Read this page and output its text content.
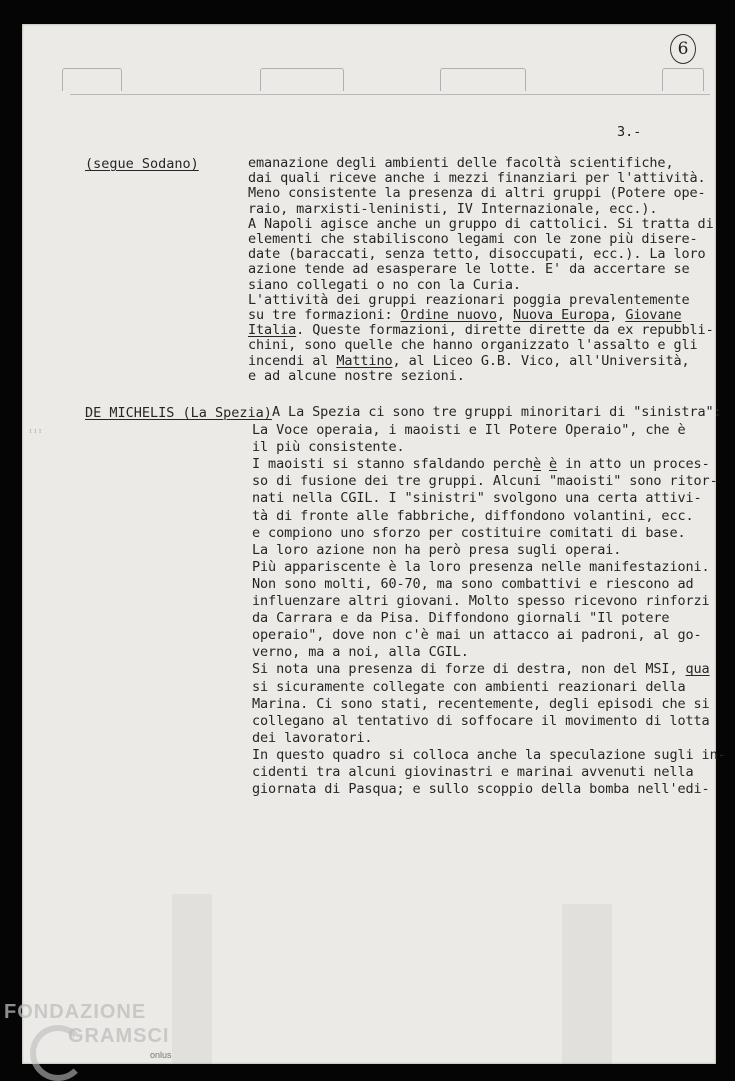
6
3.-
(segue Sodano)	emanazione degli ambienti delle facoltà scientifiche,
dai quali riceve anche i mezzi finanziari per l'attività.
Meno consistente la presenza di altri gruppi (Potere ope-
raio, marxisti-leninisti, IV Internazionale, ecc.).
A Napoli agisce anche un gruppo di cattolici. Si tratta di
elementi che stabiliscono legami con le zone più disere-
date (baraccati, senza tetto, disoccupati, ecc.). La loro
azione tende ad esasperare le lotte. E' da accertare se
siano collegati o no con la Curia.
L'attività dei gruppi reazionari poggia prevalentemente
su tre formazioni: Ordine nuovo, Nuova Europa, Giovane
Italia. Queste formazioni, dirette dirette da ex repubbli-
chini, sono quelle che hanno organizzato l'assalto e gli
incendi al Mattino, al Liceo G.B. Vico, all'Università,
e ad alcune nostre sezioni.
DE MICHELIS (La Spezia) A La Spezia ci sono tre gruppi minoritari di "sinistra":
La Voce operaia, i maoisti e Il Potere Operaio", che è
il più consistente.
I maoisti si stanno sfaldando perchè è in atto un proces-
so di fusione dei tre gruppi. Alcuni "maoisti" sono ritor-
nati nella CGIL. I "sinistri" svolgono una certa attivi-
tà di fronte alle fabbriche, diffondono volantini, ecc.
e compiono uno sforzo per costituire comitati di base.
La loro azione non ha però presa sugli operai.
Più appariscente è la loro presenza nelle manifestazioni.
Non sono molti, 60-70, ma sono combattivi e riescono ad
influenzare altri giovani. Molto spesso ricevono rinforzi
da Carrara e da Pisa. Diffondono giornali "Il potere
operaio", dove non c'è mai un attacco ai padroni, al go-
verno, ma a noi, alla CGIL.
Si nota una presenza di forze di destra, non del MSI, qua
si sicuramente collegate con ambienti reazionari della
Marina. Ci sono stati, recentemente, degli episodi che si
collegano al tentativo di soffocare il movimento di lotta
dei lavoratori.
In questo quadro si colloca anche la speculazione sugli in-
cidenti tra alcuni giovinastri e marinai avvenuti nella
giornata di Pasqua; e sullo scoppio della bomba nell'edi-
ᴵᴵᴵ
FONDAZIONE
GRAMSCI
onlus
